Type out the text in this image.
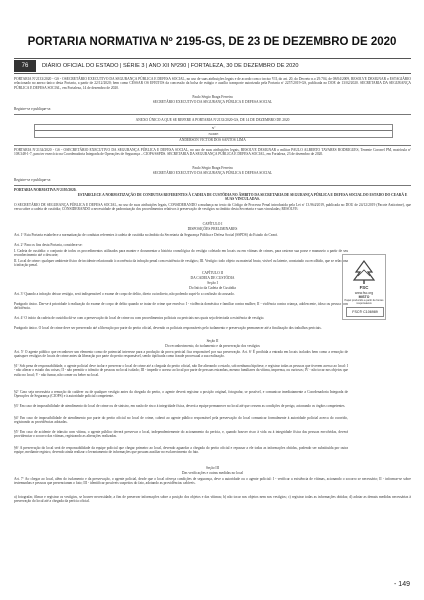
PORTARIA NORMATIVA Nº 2195-GS, DE 23 DE DEZEMBRO DE 2020
76	DIÁRIO OFICIAL DO ESTADO | SÉRIE 3 | ANO XII Nº290 | FORTALEZA, 30 DE DEZEMBRO DE 2020
PORTARIA Nº2133/2020 - GS - OSECRETÁRIO EXECUTIVO DA SEGURANÇA PÚBLICA E DEFESA SOCIAL, no uso de suas atribuições legais e de acordo com o inciso VII, do art. 20, do Decreto n.o 29.704, de 08/04/2009, RESOLVE DESIGNAR o ESTAGIÁRIO relacionado no anexo único desta Portaria, a partir de 22/12/2020; bem como CESSAR OS EFEITOS da concessão da bolsa de estágio e auxílio transporte autorizada pela Portaria nº 2257/2019-GS, publicada no DOE de 13/02/2020. SECRETARIA DA SEGURANÇA PÚBLICA E DEFESA SOCIAL, em Fortaleza, 14 de dezembro de 2020.
Paulo Sérgio Braga Ferreira
SECRETÁRIO EXECUTIVO DA SEGURANÇA PÚBLICA E DEFESA SOCIAL
Registre-se e publique-se.
ANEXO ÚNICO A QUE SE REFERE A PORTARIA Nº2133/2020-GS, DE 14 DE DEZEMBRO DE 2020
Nº
NOME
ANDERSON VICTOR DOS SANTOS LIMA
PORTARIA Nº2134/2020 - GS - OSECRETÁRIO EXECUTIVO DA SEGURANÇA PÚBLICA E DEFESA SOCIAL, no uso de suas atribuições legais, RESOLVE DESIGNAR o militar PAULO ALBERTO TAVARES RODRIGUES, Tenente Coronel PM, matrícula nº 108.348-1-7, para ter exercício na Coordenadoria Integrada de Operações de Segurança – CIOPS/SSPDS. SECRETARIA DA SEGURANÇA PÚBLICA E DEFESA SOCIAL, em Fortaleza, 23 de dezembro de 2020.
Paulo Sérgio Braga Ferreira
SECRETÁRIO EXECUTIVO DA SEGURANÇA PÚBLICA E DEFESA SOCIAL
Registre-se e publique-se.
PORTARIA NORMATIVA Nº2195/2020.
ESTABELECE A NORMATIZAÇÃO DE CONDUTAS REFERENTES À CADEIA DE CUSTÓDIA NO ÂMBITO DA SECRETARIA DE SEGURANÇA PÚBLICA E DEFESA SOCIAL DO ESTADO DO CEARÁ E SUAS VINCULADAS.
O SECRETÁRIO DE SEGURANÇA PÚBLICA E DEFESA SOCIAL, no uso de suas atribuições legais, CONSIDERANDO a mudança no texto do Código de Processo Penal introduzida pela Lei nº 13.964/2019, publicada no DOU de 24/12/2019 (Pacote Anticrime), que versa sobre a cadeia de custódia; CONSIDERANDO a necessidade de padronização dos procedimentos relativos à preservação de vestígios no âmbito desta Secretaria e suas vinculadas; RESOLVE:
CAPÍTULO I
DISPOSIÇÕES PRELIMINARES
Art. 1º Esta Portaria estabelece a normatização de condutas referentes à cadeia de custódia no âmbito da Secretaria da Segurança Pública e Defesa Social (SSPDS) do Estado do Ceará.
Art. 2º Para os fins desta Portaria, considera-se:
I. Cadeia de custódia: o conjunto de todos os procedimentos utilizados para manter e documentar a história cronológica do vestígio coletado em locais ou em vítimas de crimes, para rastrear sua posse e manuseio a partir de seu reconhecimento até o descarte;
II. Local de crime: qualquer ambiente físico de incidente relacionado à ocorrência da infração penal com existência de vestígios; III. Vestígio: todo objeto ou material bruto, visível ou latente, constatado ou recolhido, que se relaciona à infração penal.
CAPÍTULO II
DA CADEIA DE CUSTÓDIA
Seção I
Do Início da Cadeia de Custódia
Art. 3º Quando a infração deixar vestígio, será indispensável o exame de corpo de delito, direto ou indireto, não podendo supri-lo a confissão do acusado.
Parágrafo único. Dar-se-á prioridade à realização do exame de corpo de delito quando se tratar de crime que envolva: I - violência doméstica e familiar contra mulher; II - violência contra criança, adolescente, idoso ou pessoa com deficiência.
Art. 4º O início da cadeia de custódia dá-se com a preservação do local de crime ou com procedimentos policiais ou periciais nos quais seja detectada a existência de vestígio.
Parágrafo único. O local de crime deve ser preservado até a liberação por parte do perito oficial, devendo os policiais responsáveis pelo isolamento e preservação permanecer até a finalização dos trabalhos periciais.
Seção II
Do reconhecimento, do isolamento e da preservação dos vestígios
Art. 5º O agente público que reconhecer um elemento como de potencial interesse para a produção da prova pericial fica responsável por sua preservação. Art. 6º É proibida a entrada em locais isolados bem como a remoção de quaisquer vestígios de locais de crime antes da liberação por parte do perito responsável, sendo tipificada como fraude processual a sua realização.
§1º Sob pena de responsabilidade, o agente policial deve isolar e preservar o local de crime até a chegada do perito oficial, não lhe alterando o estado, sob nenhuma hipótese, e registrar todas as pessoas que tiverem acesso ao local: I - não alterar o estado das coisas; II - não permitir o trânsito de pessoas no local isolado; III - impedir o acesso ao local por parte de pessoas estranhas, mesmo familiares da vítima, imprensa, ou curiosos; IV - não tocar nos objetos que estão no local; V - não fumar, não comer ou beber no local.
§2º Caso seja necessária a remoção do cadáver ou de qualquer vestígio antes da chegada do perito, o agente deverá registrar a posição original, fotografar, se possível, e comunicar imediatamente a Coordenadoria Integrada de Operações de Segurança (CIOPS) e à autoridade policial competente.
§3º Em caso de impossibilidade de atendimento do local de crime ou de sinistro, em razão de risco à integridade física, deverá a equipe permanecer no local até que cessem as condições de perigo, acionando os órgãos competentes.
§4º Em caso de impossibilidade de atendimento por parte do perito oficial no local de crime, caberá ao agente público responsável pela preservação do local comunicar formalmente à autoridade policial acerca do ocorrido, registrando as providências adotadas.
§5º Em caso de acidente de trânsito com vítima, o agente público deverá preservar o local, independentemente do acionamento da perícia, e, quando houver risco à vida ou à integridade física das pessoas envolvidas, deverá providenciar o socorro das vítimas, registrando as alterações realizadas.
§6º A preservação do local será de responsabilidade da equipe policial que chegar primeiro ao local, devendo aguardar a chegada do perito oficial e repassar a ele todas as informações obtidas, podendo ser substituída por outra equipe, mediante registro, devendo ainda realizar o levantamento de informações que possam auxiliar no esclarecimento do fato.
Seção III
Das verificações e outras medidas no local
Art. 7º Ao chegar ao local, além do isolamento e da preservação, o agente policial, desde que o local ofereça condições de segurança, deve a autoridade ou o agente policial: I - verificar a existência de vítimas, acionando o socorro se necessário; II - informar-se sobre testemunhas e pessoas que presenciaram o fato; III - identificar possíveis suspeitos do fato, adotando as providências cabíveis.
a) fotografar, filmar e registrar os vestígios, se houver necessidade, a fim de preservar informações sobre a posição dos objetos e das vítimas; b) não tocar nos objetos nem nos vestígios; c) registrar todas as informações obtidas; d) adotar as demais medidas necessárias à preservação do local até a chegada da perícia oficial.
FSC
www.fsc.org
MISTO
Papel produzido a partir de fontes responsáveis
FSC® C106989
- 149
